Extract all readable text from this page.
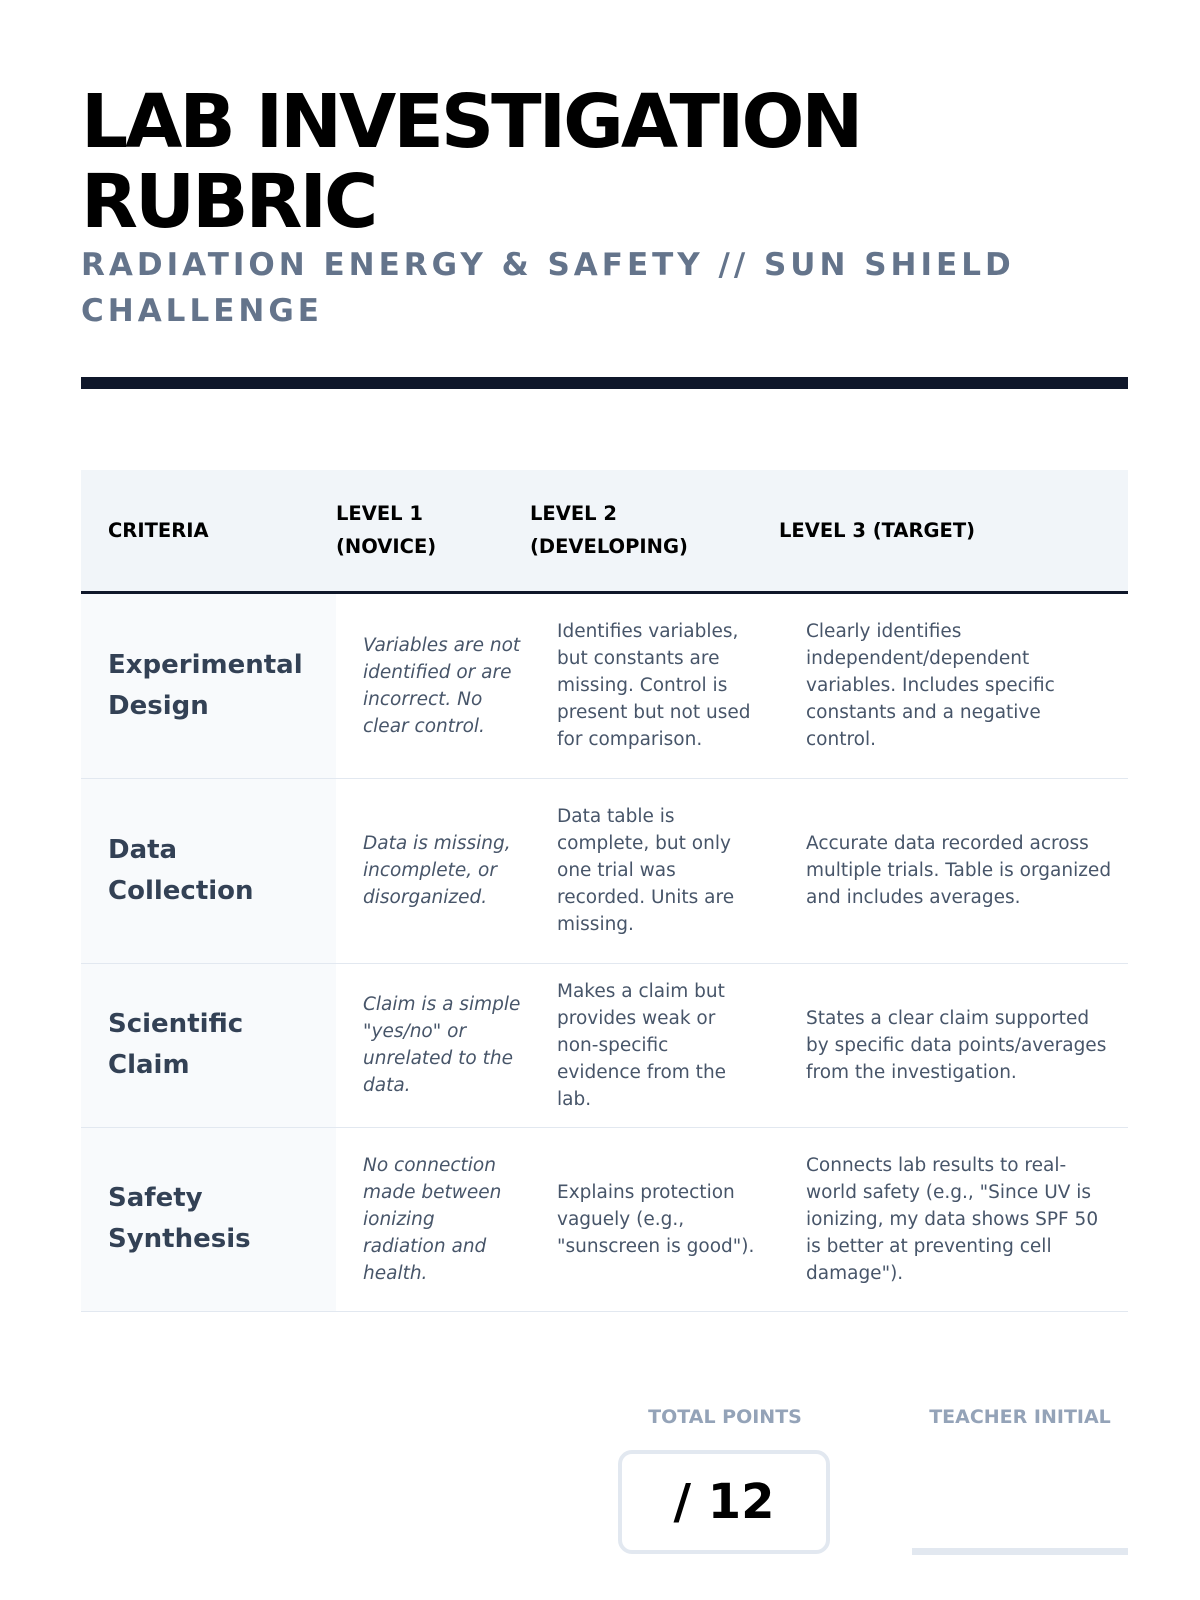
LAB INVESTIGATION RUBRIC
RADIATION ENERGY & SAFETY // SUN SHIELD CHALLENGE
CRITERIA	LEVEL 1 (NOVICE)	LEVEL 2 (DEVELOPING)	LEVEL 3 (TARGET)
Experimental Design	Variables are not identified or are incorrect. No clear control.	Identifies variables, but constants are missing. Control is present but not used for comparison.	Clearly identifies independent/dependent variables. Includes specific constants and a negative control.
Data Collection	Data is missing, incomplete, or disorganized.	Data table is complete, but only one trial was recorded. Units are missing.	Accurate data recorded across multiple trials. Table is organized and includes averages.
Scientific Claim	Claim is a simple "yes/no" or unrelated to the data.	Makes a claim but provides weak or non-specific evidence from the lab.	States a clear claim supported by specific data points/averages from the investigation.
Safety Synthesis	No connection made between ionizing radiation and health.	Explains protection vaguely (e.g., "sunscreen is good").	Connects lab results to real-world safety (e.g., "Since UV is ionizing, my data shows SPF 50 is better at preventing cell damage").
TOTAL POINTS
/ 12
TEACHER INITIAL
